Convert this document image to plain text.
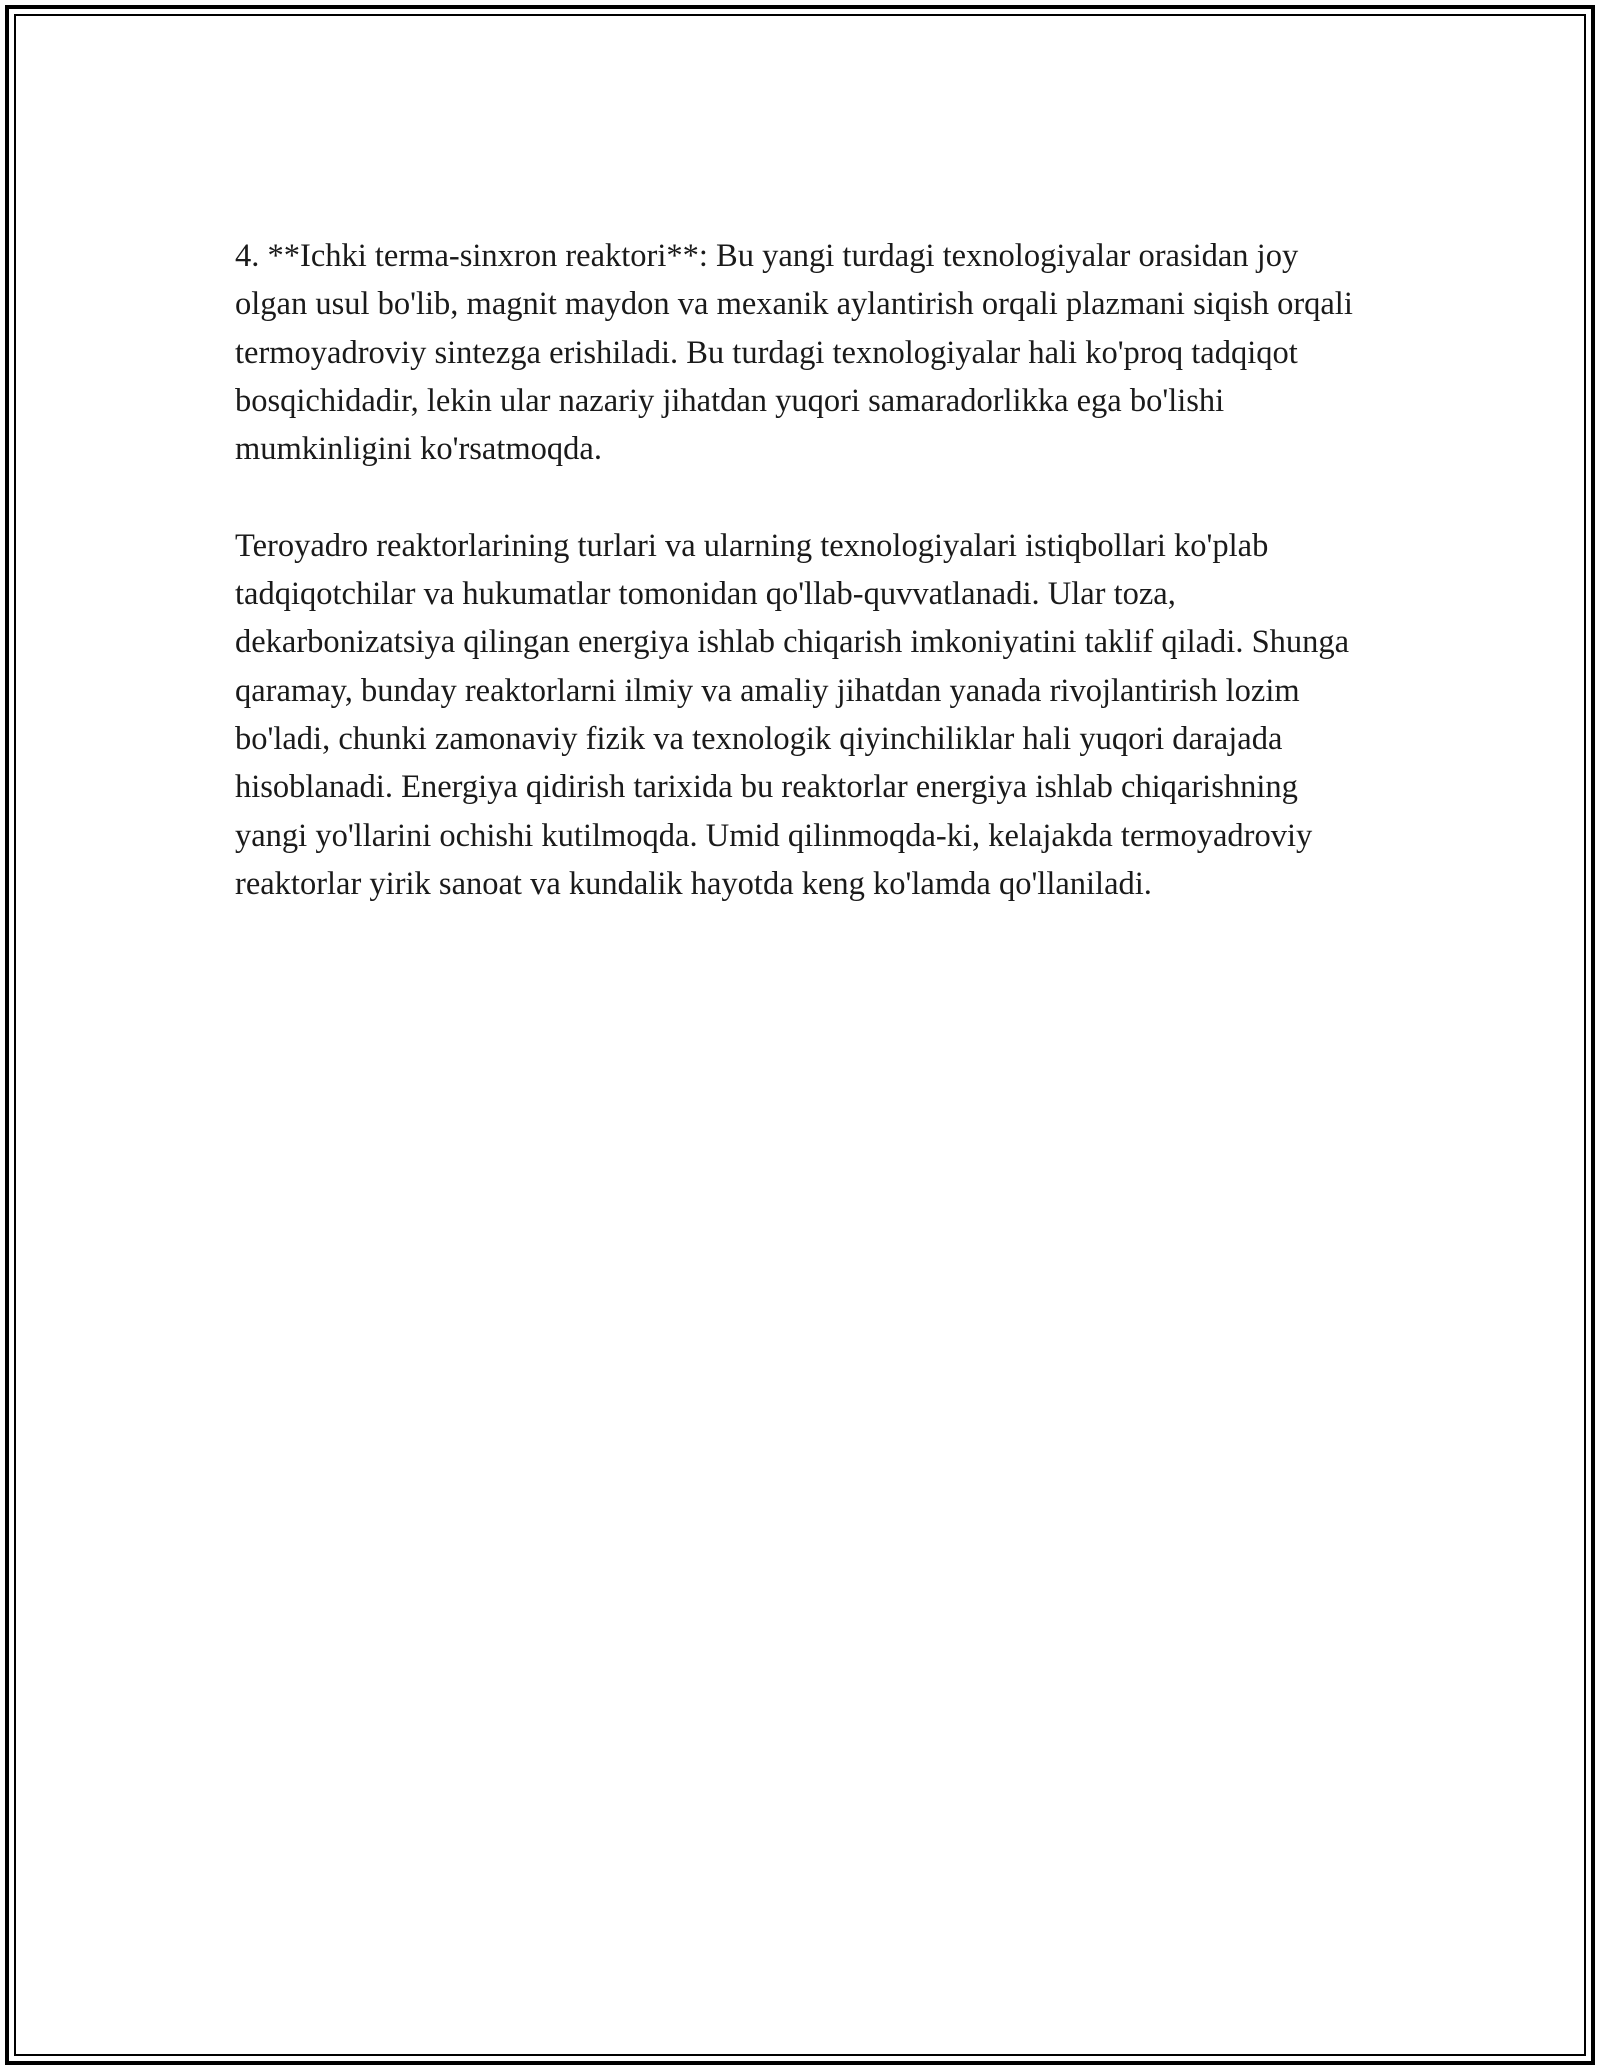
4. **Ichki terma-sinxron reaktori**: Bu yangi turdagi texnologiyalar orasidan joy olgan usul bo'lib, magnit maydon va mexanik aylantirish orqali plazmani siqish orqali termoyadroviy sintezga erishiladi. Bu turdagi texnologiyalar hali ko'proq tadqiqot bosqichidadir, lekin ular nazariy jihatdan yuqori samaradorlikka ega bo'lishi mumkinligini ko'rsatmoqda.

Teroyadro reaktorlarining turlari va ularning texnologiyalari istiqbollari ko'plab tadqiqotchilar va hukumatlar tomonidan qo'llab-quvvatlanadi. Ular toza, dekarbonizatsiya qilingan energiya ishlab chiqarish imkoniyatini taklif qiladi. Shunga qaramay, bunday reaktorlarni ilmiy va amaliy jihatdan yanada rivojlantirish lozim bo'ladi, chunki zamonaviy fizik va texnologik qiyinchiliklar hali yuqori darajada hisoblanadi. Energiya qidirish tarixida bu reaktorlar energiya ishlab chiqarishning yangi yo'llarini ochishi kutilmoqda. Umid qilinmoqda-ki, kelajakda termoyadroviy reaktorlar yirik sanoat va kundalik hayotda keng ko'lamda qo'llaniladi.
